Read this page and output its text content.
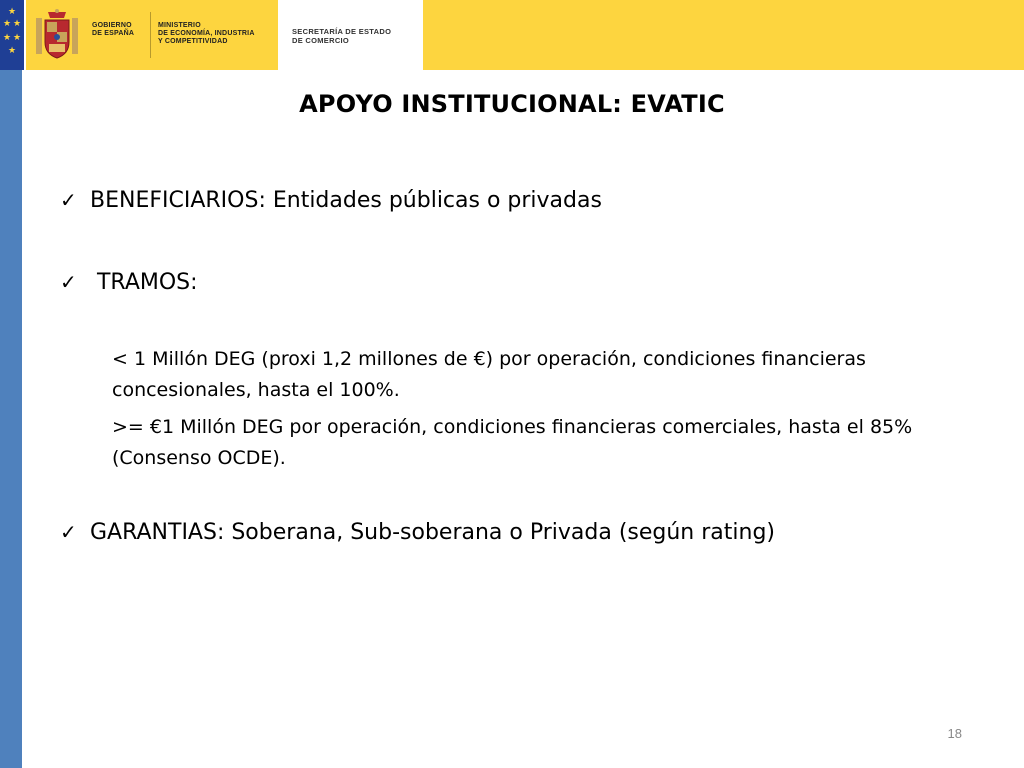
★
★ ★
★ ★
★
GOBIERNO
DE ESPAÑA
MINISTERIO
DE ECONOMÍA, INDUSTRIA
Y COMPETITIVIDAD
SECRETARÍA DE ESTADO
DE COMERCIO
APOYO INSTITUCIONAL: EVATIC
✓ BENEFICIARIOS: Entidades públicas o privadas
✓ TRAMOS:
< 1 Millón DEG (proxi 1,2 millones de €) por operación, condiciones financieras concesionales, hasta el 100%.
>= €1 Millón DEG por operación, condiciones financieras comerciales, hasta el 85% (Consenso OCDE).
✓ GARANTIAS: Soberana, Sub-soberana o Privada (según rating)
18
